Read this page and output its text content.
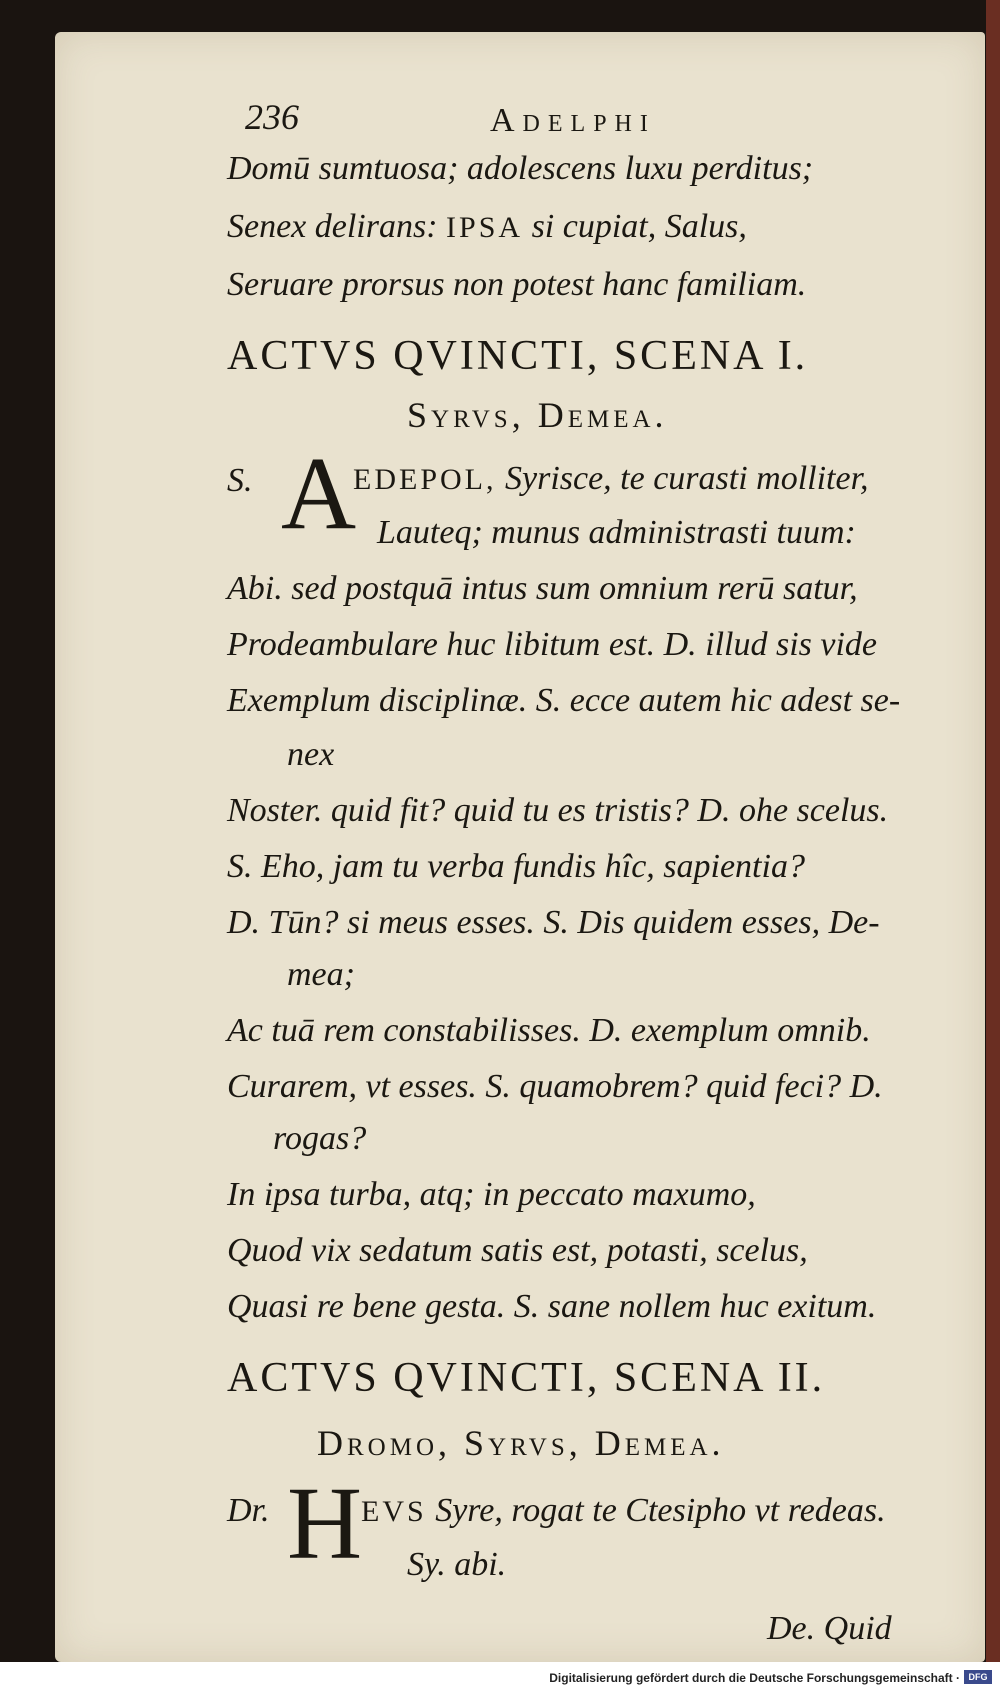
236	Adelphi
Domū sumtuosa; adolescens luxu perditus;
Senex delirans: IPSA si cupiat, Salus,
Seruare prorsus non potest hanc familiam.
ACTVS QVINCTI, SCENA I.
Syrvs, Demea.
S. A
EDEPOL, Syrisce, te curasti molliter,
Lauteq; munus administrasti tuum:
Abi. sed postquā intus sum omnium rerū satur,
Prodeambulare huc libitum est. D. illud sis vide
Exemplum disciplinæ. S. ecce autem hic adest se-
nex
Noster. quid fit? quid tu es tristis? D. ohe scelus.
S. Eho, jam tu verba fundis hîc, sapientia?
D. Tūn? si meus esses. S. Dis quidem esses, De-
mea;
Ac tuā rem constabilisses. D. exemplum omnib.
Curarem, vt esses. S. quamobrem? quid feci? D.
rogas?
In ipsa turba, atq; in peccato maxumo,
Quod vix sedatum satis est, potasti, scelus,
Quasi re bene gesta. S. sane nollem huc exitum.
ACTVS QVINCTI, SCENA II.
Dromo, Syrvs, Demea.
Dr. H
EVS Syre, rogat te Ctesipho vt redeas.
Sy. abi.
De. Quid
Digitalisierung gefördert durch die Deutsche Forschungsgemeinschaft · DFG
